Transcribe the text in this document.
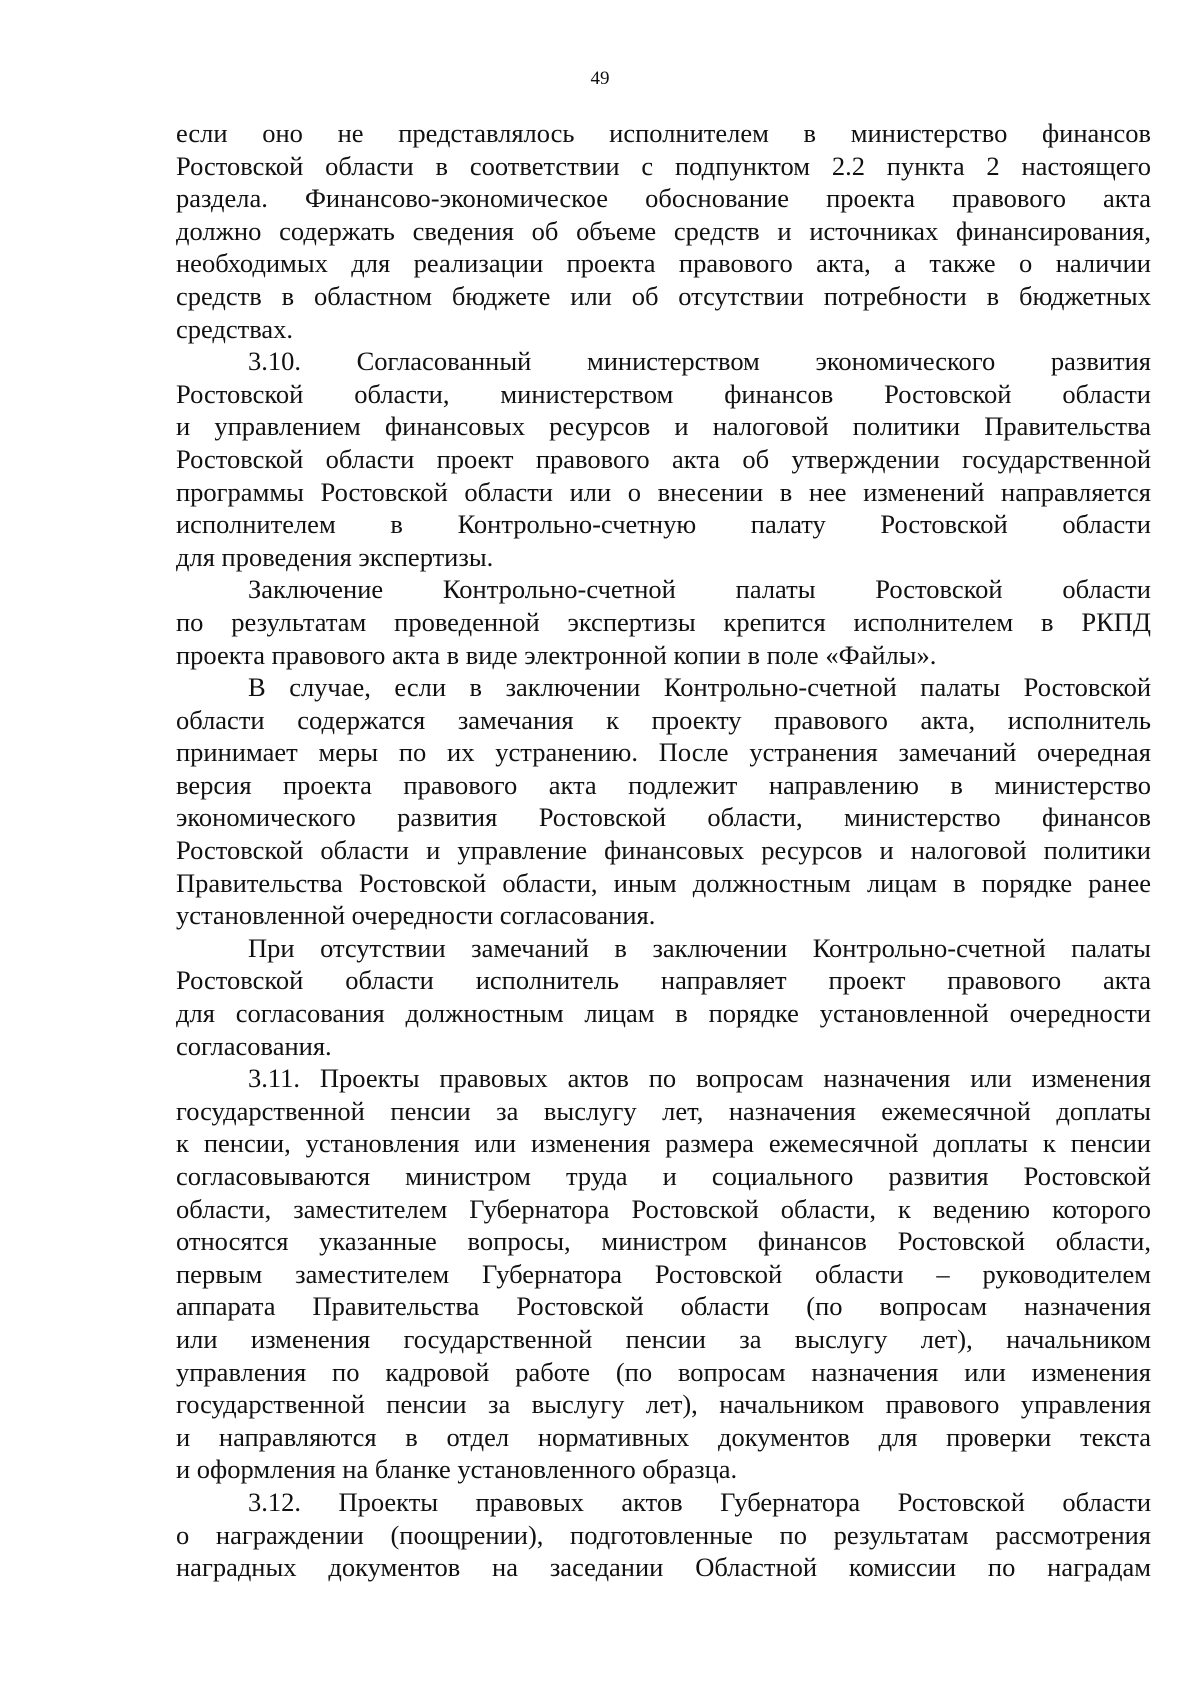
49
если оно не представлялось исполнителем в министерство финансов
Ростовской области в соответствии с подпунктом 2.2 пункта 2 настоящего
раздела. Финансово-экономическое обоснование проекта правового акта
должно содержать сведения об объеме средств и источниках финансирования,
необходимых для реализации проекта правового акта, а также о наличии
средств в областном бюджете или об отсутствии потребности в бюджетных
средствах.
3.10. Согласованный министерством экономического развития
Ростовской области, министерством финансов Ростовской области
и управлением финансовых ресурсов и налоговой политики Правительства
Ростовской области проект правового акта об утверждении государственной
программы Ростовской области или о внесении в нее изменений направляется
исполнителем в Контрольно-счетную палату Ростовской области
для проведения экспертизы.
Заключение Контрольно-счетной палаты Ростовской области
по результатам проведенной экспертизы крепится исполнителем в РКПД
проекта правового акта в виде электронной копии в поле «Файлы».
В случае, если в заключении Контрольно-счетной палаты Ростовской
области содержатся замечания к проекту правового акта, исполнитель
принимает меры по их устранению. После устранения замечаний очередная
версия проекта правового акта подлежит направлению в министерство
экономического развития Ростовской области, министерство финансов
Ростовской области и управление финансовых ресурсов и налоговой политики
Правительства Ростовской области, иным должностным лицам в порядке ранее
установленной очередности согласования.
При отсутствии замечаний в заключении Контрольно-счетной палаты
Ростовской области исполнитель направляет проект правового акта
для согласования должностным лицам в порядке установленной очередности
согласования.
3.11. Проекты правовых актов по вопросам назначения или изменения
государственной пенсии за выслугу лет, назначения ежемесячной доплаты
к пенсии, установления или изменения размера ежемесячной доплаты к пенсии
согласовываются министром труда и социального развития Ростовской
области, заместителем Губернатора Ростовской области, к ведению которого
относятся указанные вопросы, министром финансов Ростовской области,
первым заместителем Губернатора Ростовской области – руководителем
аппарата Правительства Ростовской области (по вопросам назначения
или изменения государственной пенсии за выслугу лет), начальником
управления по кадровой работе (по вопросам назначения или изменения
государственной пенсии за выслугу лет), начальником правового управления
и направляются в отдел нормативных документов для проверки текста
и оформления на бланке установленного образца.
3.12. Проекты правовых актов Губернатора Ростовской области
о награждении (поощрении), подготовленные по результатам рассмотрения
наградных документов на заседании Областной комиссии по наградам
